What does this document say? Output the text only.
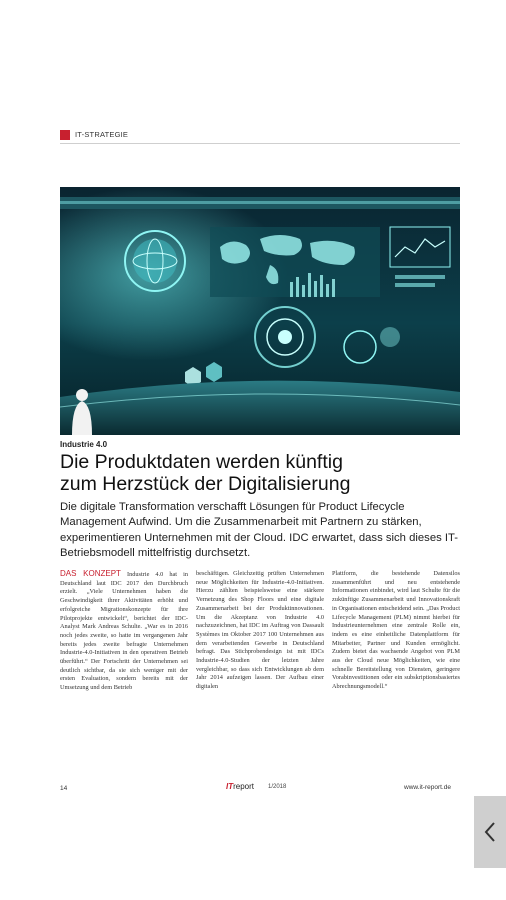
IT-STRATEGIE
Industrie 4.0
Die Produktdaten werden künftig
zum Herzstück der Digitalisierung

Die digitale Transformation verschafft Lösungen für Product Lifecycle Management Aufwind. Um die Zusammenarbeit mit Partnern zu stärken, experimentieren Unternehmen mit der Cloud. IDC erwartet, dass sich dieses IT-Betriebsmodell mittelfristig durchsetzt.

DAS KONZEPT Industrie 4.0 hat in Deutschland laut IDC 2017 den Durchbruch erzielt. „Viele Unternehmen haben die Geschwindigkeit ihrer Aktivitäten erhöht und erfolgreiche Migrationskonzepte für ihre Pilotprojekte entwickelt“, berichtet der IDC-Analyst Mark Andreas Schulte. „War es in 2016 noch jedes zweite, so hatte im vergangenen Jahr bereits jedes zweite befragte Unternehmen Industrie-4.0-Initiativen in den operativen Betrieb überführt.“ Der Fortschritt der Unternehmen sei deutlich sichtbar, da sie sich weniger mit der ersten Evaluation, sondern bereits mit der Umsetzung und dem Betrieb
beschäftigen. Gleichzeitig prüften Unternehmen neue Möglichkeiten für Industrie-4.0-Initiativen. Hierzu zählten beispielsweise eine stärkere Vernetzung des Shop Floors und eine digitale Zusammenarbeit bei der Produktinnovationen. Um die Akzeptanz von Industrie 4.0 nachzuzeichnen, hat IDC im Auftrag von Dassault Systèmes im Oktober 2017 100 Unternehmen aus dem verarbeitenden Gewerbe in Deutschland befragt. Das Stichprobendesign ist mit IDCs Industrie-4.0-Studien der letzten Jahre vergleichbar, so dass sich Entwicklungen ab dem Jahr 2014 aufzeigen lassen. Der Aufbau einer digitalen
Plattform, die bestehende Datensilos zusammenführt und neu entstehende Informationen einbindet, wird laut Schulte für die zukünftige Zusammenarbeit und Innovationskraft in Organisationen entscheidend sein. „Das Product Lifecycle Management (PLM) nimmt hierbei für Industrieunternehmen eine zentrale Rolle ein, indem es eine einheitliche Datenplattform für Mitarbeiter, Partner und Kunden ermöglicht. Zudem bietet das wachsende Angebot von PLM aus der Cloud neue Möglichkeiten, wie eine schnelle Bereitstellung von Diensten, geringere Vorabinvestitionen oder ein subskriptionsbasiertes Abrechnungsmodell.“
14	ITreport 1/2018	www.it-report.de
